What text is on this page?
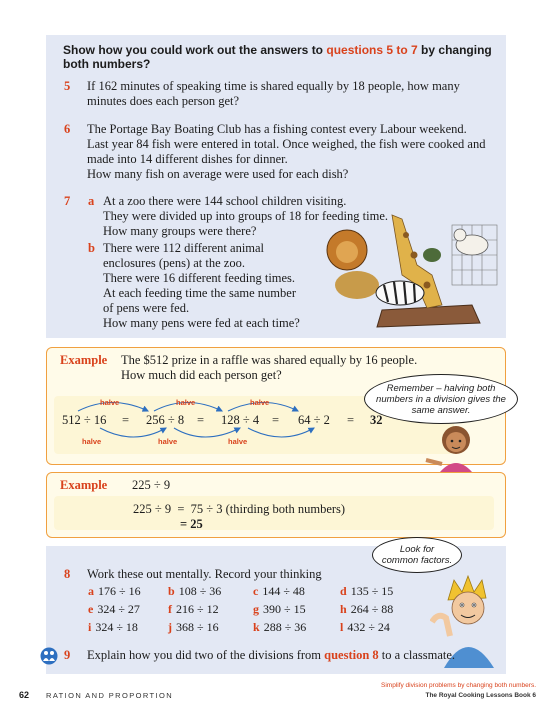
Show how you could work out the answers to questions 5 to 7 by changing
both numbers?
5 If 162 minutes of speaking time is shared equally by 18 people, how many
minutes does each person get?
6 The Portage Bay Boating Club has a fishing contest every Labour weekend.
Last year 84 fish were entered in total. Once weighed, the fish were cooked and
made into 14 different dishes for dinner.
How many fish on average were used for each dish?
7 a At a zoo there were 144 school children visiting.
They were divided up into groups of 18 for feeding time.
How many groups were there?
b There were 112 different animal
enclosures (pens) at the zoo.
There were 16 different feeding times.
At each feeding time the same number
of pens were fed.
How many pens were fed at each time?
Example The $512 prize in a raffle was shared equally by 16 people.
How much did each person get?
512 ÷ 16 = 256 ÷ 8 = 128 ÷ 4 = 64 ÷ 2 = 32
halve	halve	halve
halve	halve	halve
Remember – halving both
numbers in a division gives the
same answer.
Example 225 ÷ 9
225 ÷ 9  =  75 ÷ 3 (thirding both numbers)
= 25
Look for
common factors.
8 Work these out mentally. Record your thinking
a 176 ÷ 16 b 108 ÷ 36	c 144 ÷ 48	d 135 ÷ 15
e 324 ÷ 27 f 216 ÷ 12	g 390 ÷ 15	h 264 ÷ 88
i 324 ÷ 18	j 368 ÷ 16	k 288 ÷ 36	l 432 ÷ 24
9 Explain how you did two of the divisions from question 8 to a classmate.
62 RATION AND PROPORTION
Simplify division problems by changing both numbers.
The Royal Cooking Lessons Book 6
